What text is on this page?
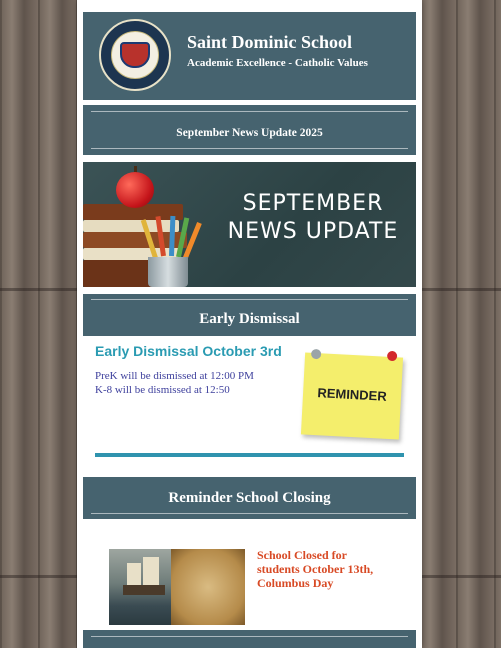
Saint Dominic School
Academic Excellence - Catholic Values
September News Update 2025
SEPTEMBER
NEWS UPDATE
Early Dismissal
Early Dismissal October 3rd
PreK will be dismissed at 12:00 PM
K-8 will be dismissed at 12:50	REMINDER
Reminder School Closing
School Closed for
students October 13th,
Columbus Day
